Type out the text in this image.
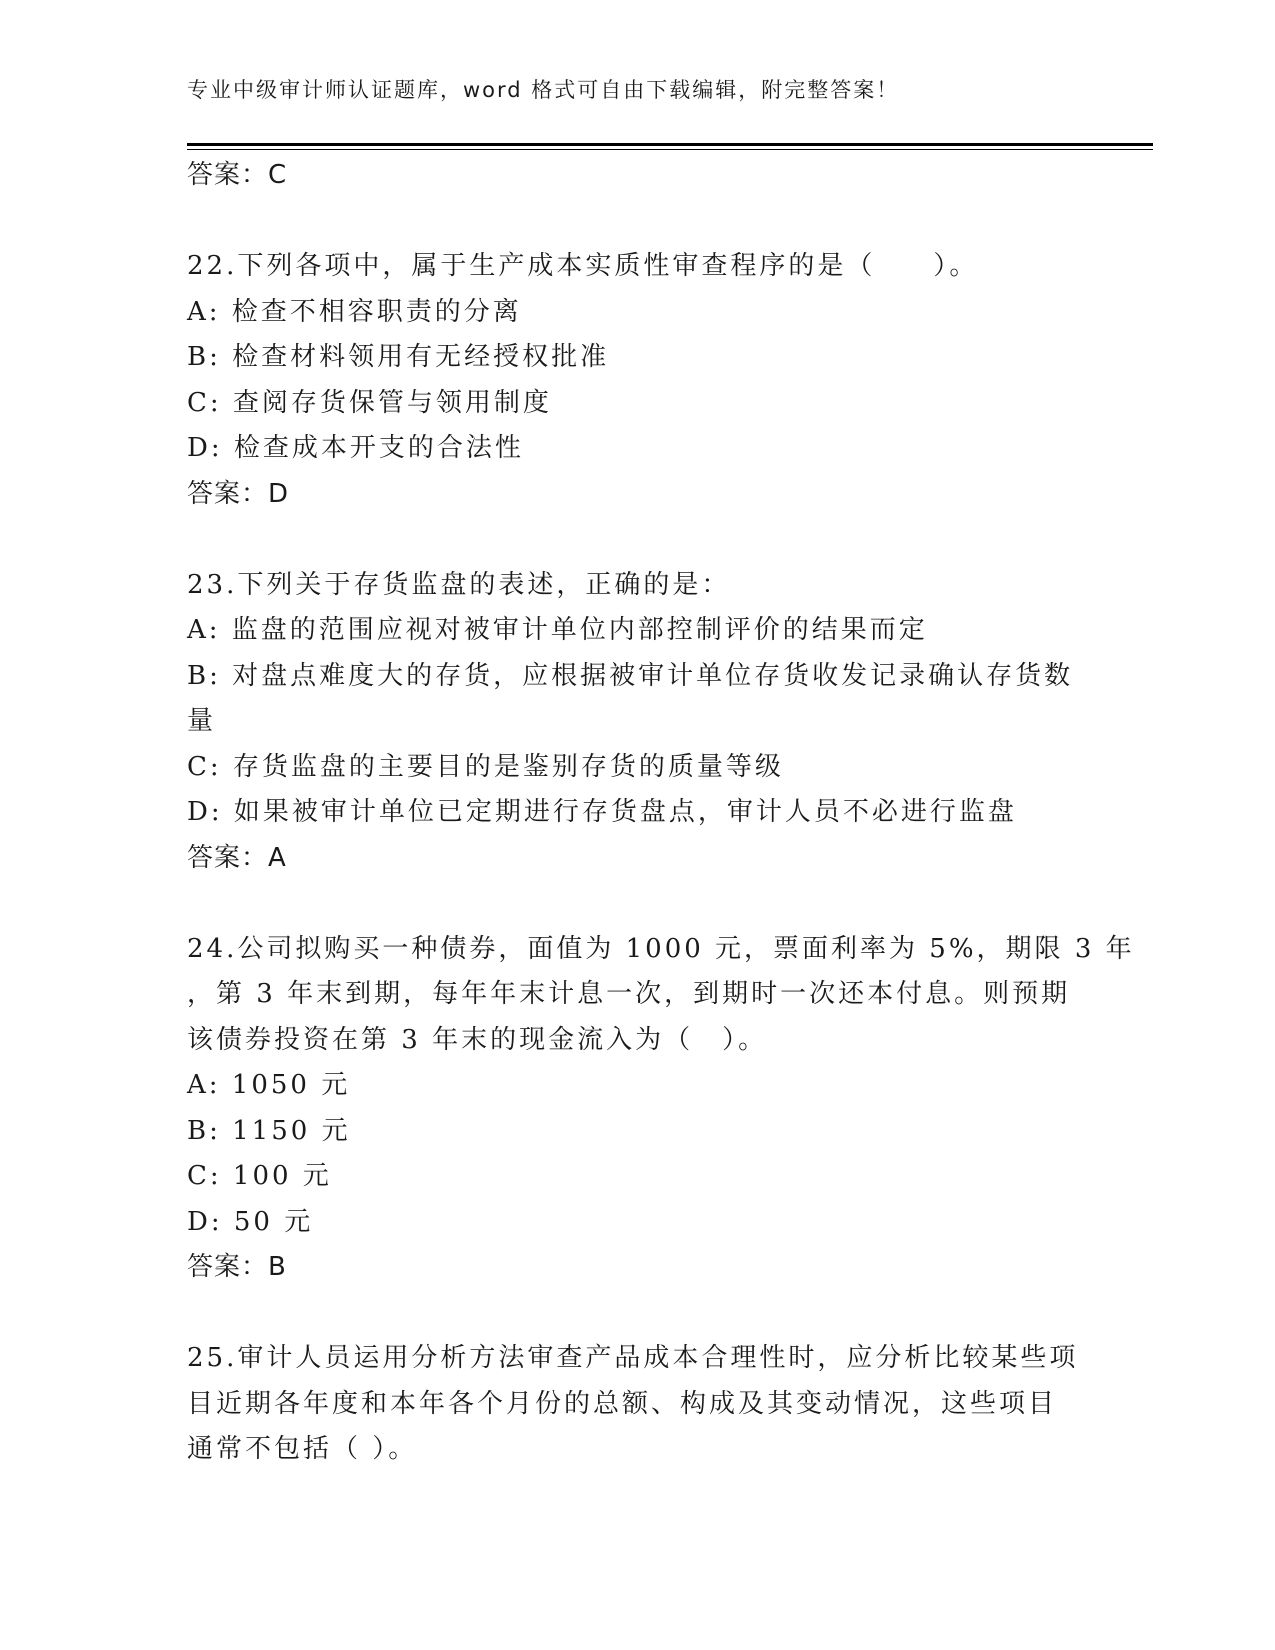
专业中级审计师认证题库，word 格式可自由下载编辑，附完整答案！
答案：C
22.下列各项中，属于生产成本实质性审查程序的是（　　）。
A: 检查不相容职责的分离
B: 检查材料领用有无经授权批准
C: 查阅存货保管与领用制度
D: 检查成本开支的合法性
答案：D
23.下列关于存货监盘的表述，正确的是：
A: 监盘的范围应视对被审计单位内部控制评价的结果而定
B: 对盘点难度大的存货，应根据被审计单位存货收发记录确认存货数
量
C: 存货监盘的主要目的是鉴别存货的质量等级
D: 如果被审计单位已定期进行存货盘点，审计人员不必进行监盘
答案：A
24.公司拟购买一种债券，面值为 1000 元，票面利率为 5%，期限 3 年
，第 3 年末到期，每年年末计息一次，到期时一次还本付息。则预期
该债券投资在第 3 年末的现金流入为（　）。
A: 1050 元
B: 1150 元
C: 100 元
D: 50 元
答案：B
25.审计人员运用分析方法审查产品成本合理性时，应分析比较某些项
目近期各年度和本年各个月份的总额、构成及其变动情况，这些项目
通常不包括（ ）。
